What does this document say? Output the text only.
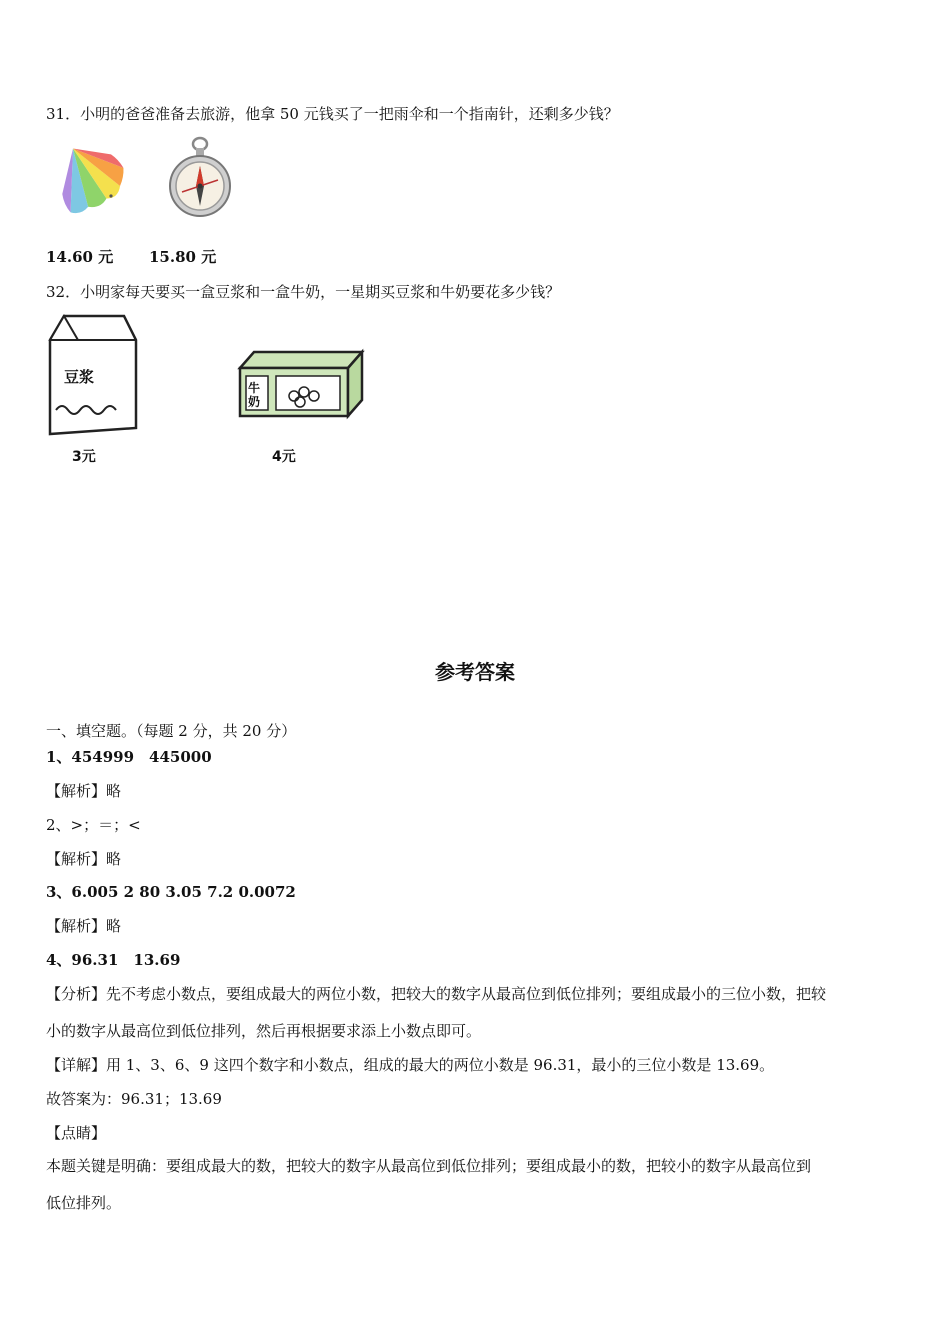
31．小明的爸爸准备去旅游，他拿 50 元钱买了一把雨伞和一个指南针，还剩多少钱？
14.60 元 15.80 元
32．小明家每天要买一盒豆浆和一盒牛奶，一星期买豆浆和牛奶要花多少钱？
豆浆
3元
牛
奶
4元
参考答案
一、填空题。（每题 2 分，共 20 分）
1、454999　445000
【解析】略
2、>；＝；<
【解析】略
3、6.005 2 80 3.05 7.2 0.0072
【解析】略
4、96.31　13.69
【分析】先不考虑小数点，要组成最大的两位小数，把较大的数字从最高位到低位排列；要组成最小的三位小数，把较
小的数字从最高位到低位排列，然后再根据要求添上小数点即可。
【详解】用 1、3、6、9 这四个数字和小数点，组成的最大的两位小数是 96.31，最小的三位小数是 13.69。
故答案为：96.31；13.69
【点睛】
本题关键是明确：要组成最大的数，把较大的数字从最高位到低位排列；要组成最小的数，把较小的数字从最高位到
低位排列。
